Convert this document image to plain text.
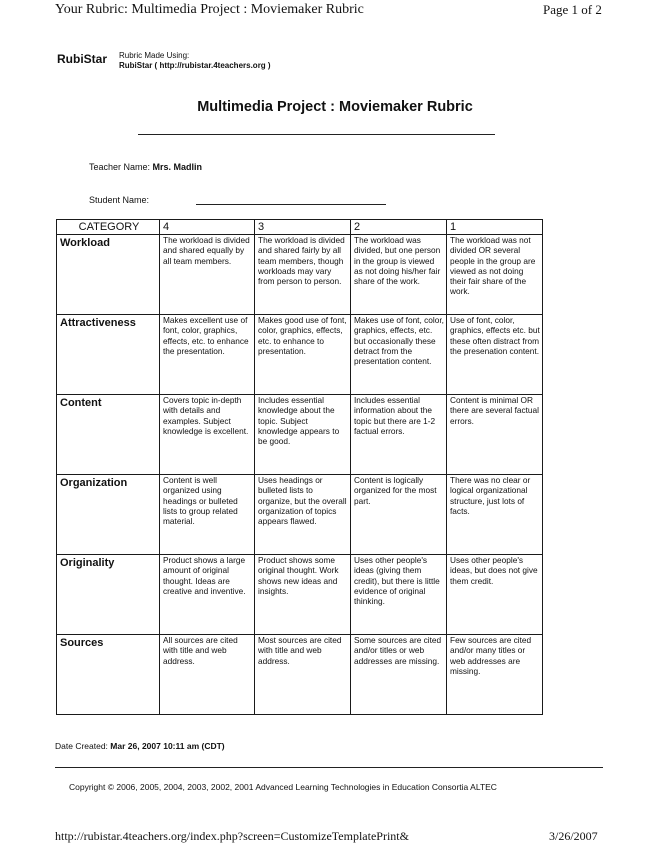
Your Rubric: Multimedia Project : Moviemaker Rubric	Page 1 of 2
RubiStar Rubric Made Using:
RubiStar ( http://rubistar.4teachers.org )
Multimedia Project : Moviemaker Rubric
Teacher Name: Mrs. Madlin
Student Name:
CATEGORY	4	3	2	1
Workload	The workload is divided and shared equally by all team members.	The workload is divided and shared fairly by all team members, though workloads may vary from person to person.	The workload was divided, but one person in the group is viewed as not doing his/her fair share of the work.	The workload was not divided OR several people in the group are viewed as not doing their fair share of the work.
Attractiveness	Makes excellent use of font, color, graphics, effects, etc. to enhance the presentation.	Makes good use of font, color, graphics, effects, etc. to enhance to presentation.	Makes use of font, color, graphics, effects, etc. but occasionally these detract from the presentation content.	Use of font, color, graphics, effects etc. but these often distract from the presenation content.
Content	Covers topic in-depth with details and examples. Subject knowledge is excellent.	Includes essential knowledge about the topic. Subject knowledge appears to be good.	Includes essential information about the topic but there are 1-2 factual errors.	Content is minimal OR there are several factual errors.
Organization	Content is well organized using headings or bulleted lists to group related material.	Uses headings or bulleted lists to organize, but the overall organization of topics appears flawed.	Content is logically organized for the most part.	There was no clear or logical organizational structure, just lots of facts.
Originality	Product shows a large amount of original thought. Ideas are creative and inventive.	Product shows some original thought. Work shows new ideas and insights.	Uses other people's ideas (giving them credit), but there is little evidence of original thinking.	Uses other people's ideas, but does not give them credit.
Sources	All sources are cited with title and web address.	Most sources are cited with title and web address.	Some sources are cited and/or titles or web addresses are missing.	Few sources are cited and/or many titles or web addresses are missing.
Date Created: Mar 26, 2007 10:11 am (CDT)
Copyright © 2006, 2005, 2004, 2003, 2002, 2001 Advanced Learning Technologies in Education Consortia ALTEC
http://rubistar.4teachers.org/index.php?screen=CustomizeTemplatePrint&	3/26/2007
